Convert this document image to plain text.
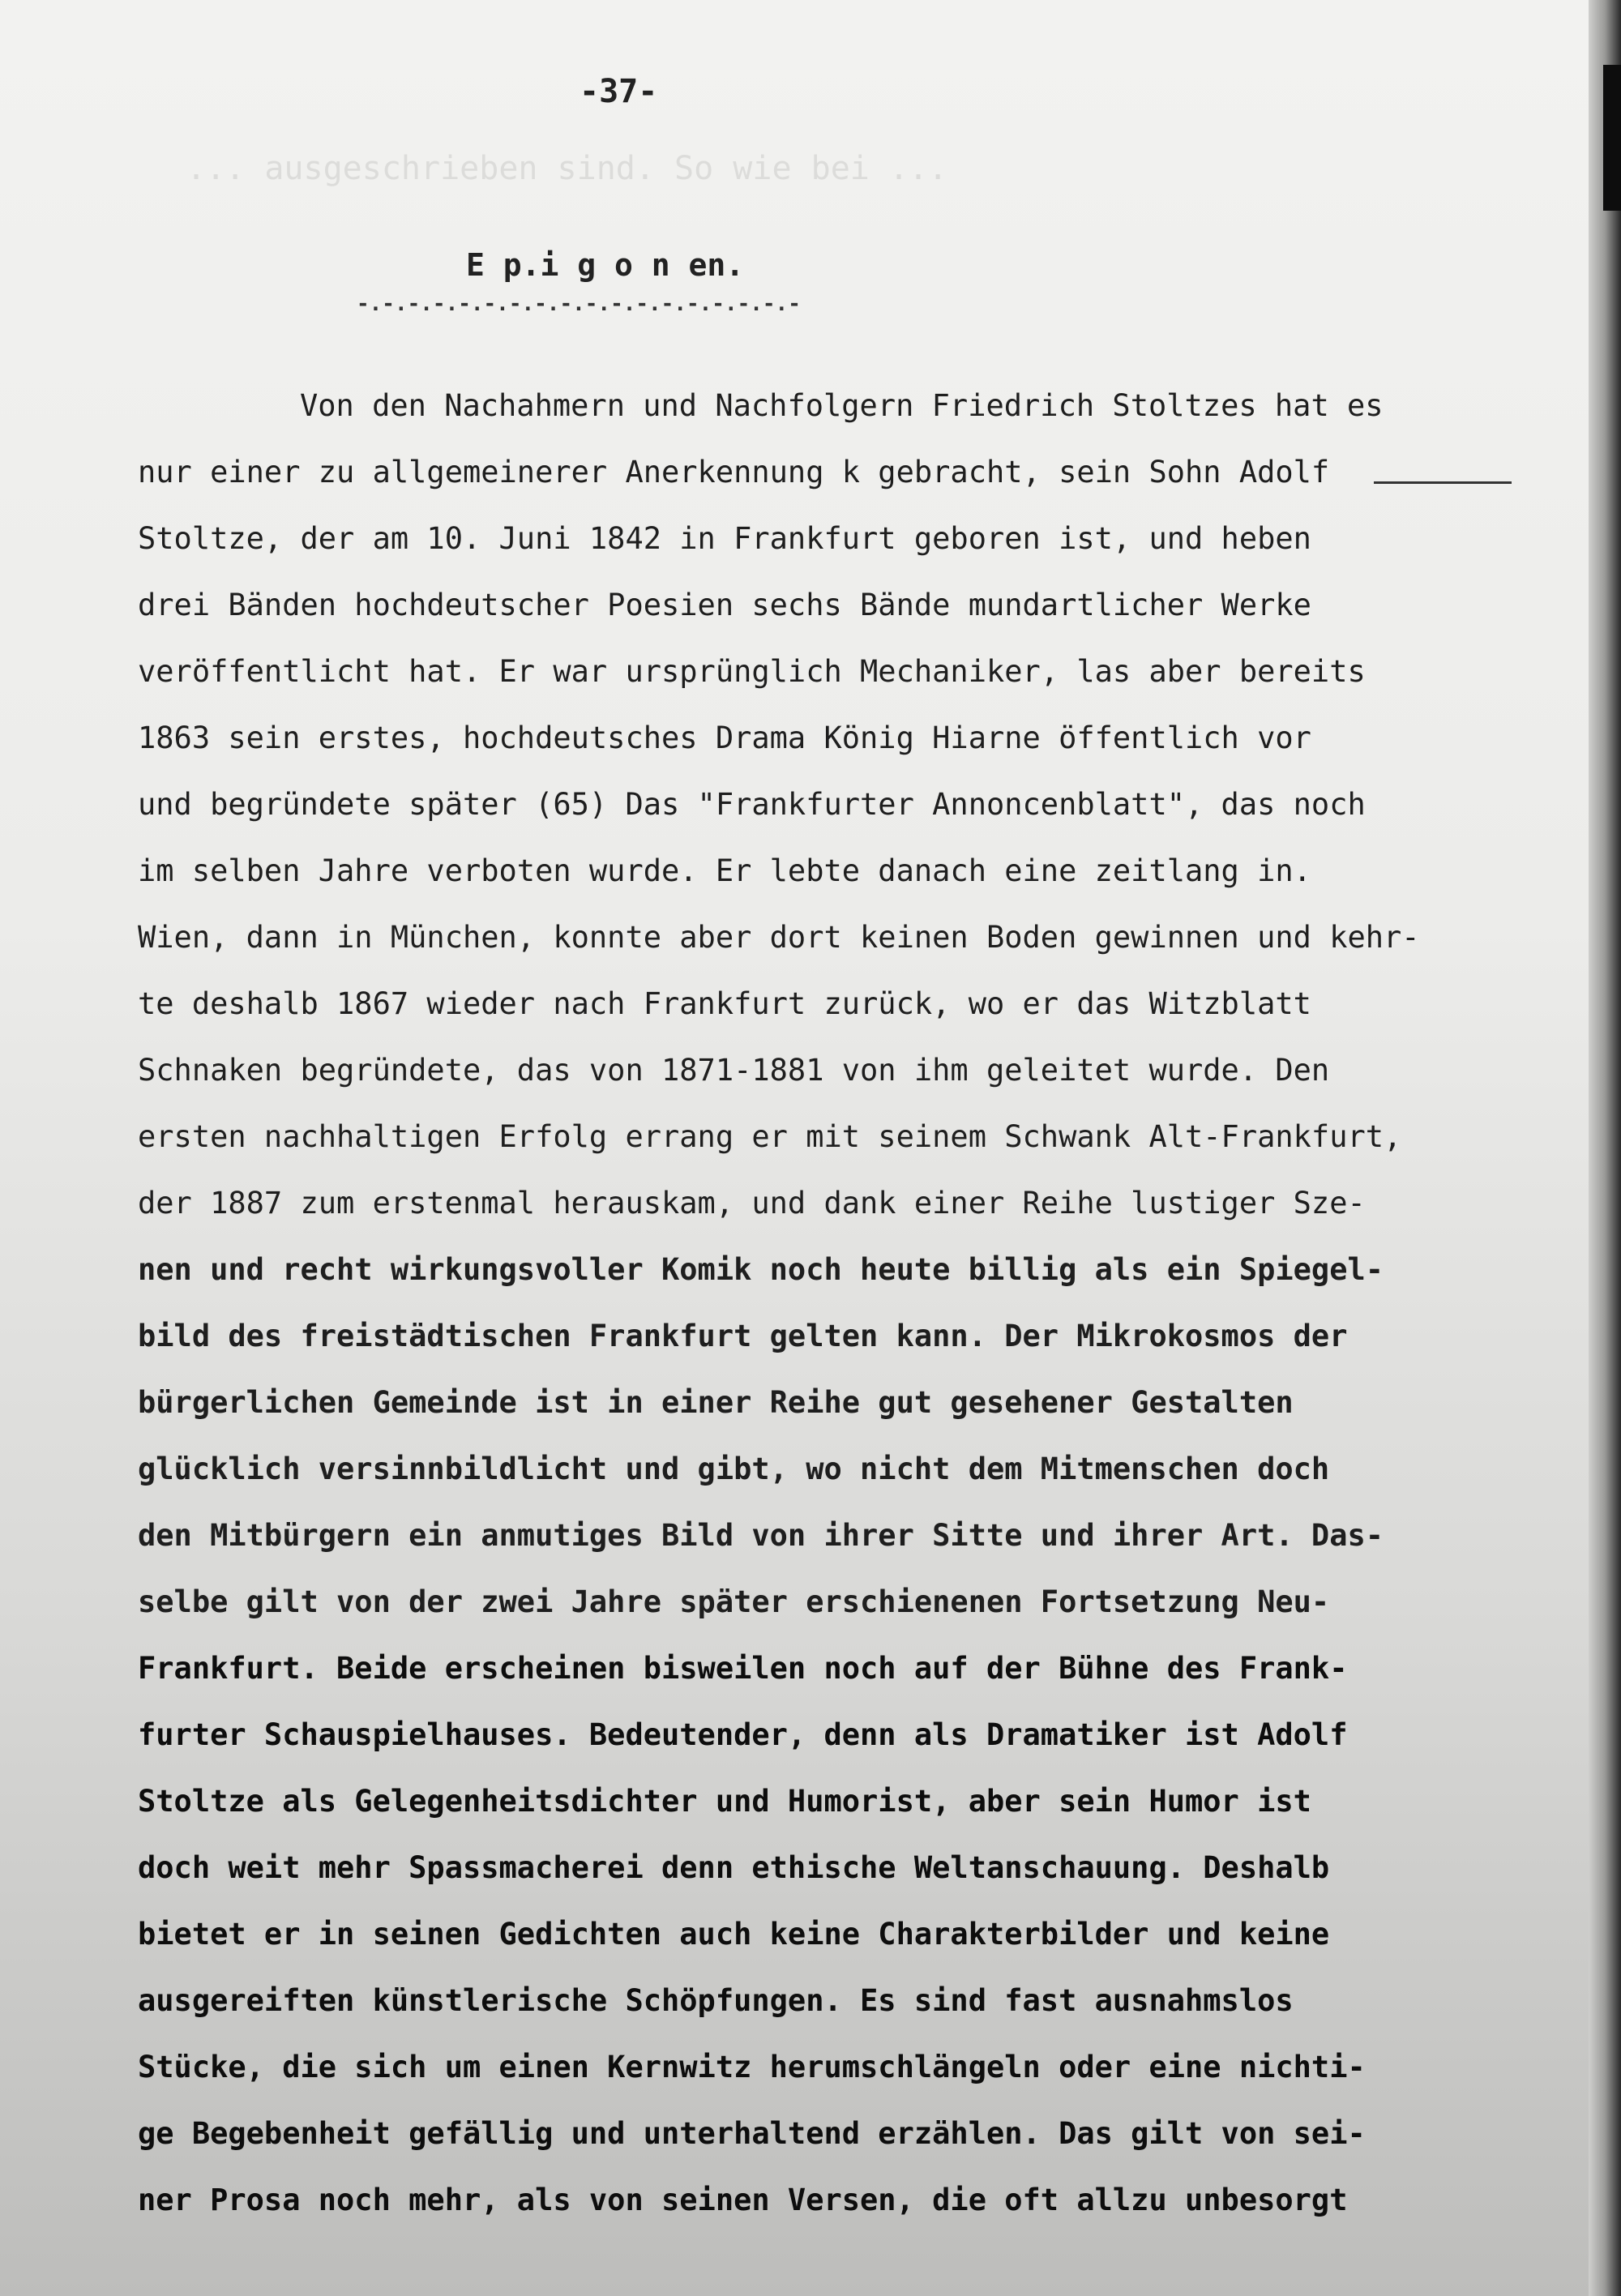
... ausgeschrieben sind. So wie bei ...
-37-
E p.i g o n en.
-.-.-.-.-.-.-.-.-.-.-.-.-.-.-.-.-.-
Von den Nachahmern und Nachfolgern Friedrich Stoltzes hat es
nur einer zu allgemeinerer Anerkennung k gebracht, sein Sohn Adolf
Stoltze, der am 10. Juni 1842 in Frankfurt geboren ist, und heben
drei Bänden hochdeutscher Poesien sechs Bände mundartlicher Werke
veröffentlicht hat. Er war ursprünglich Mechaniker, las aber bereits
1863 sein erstes, hochdeutsches Drama König Hiarne öffentlich vor
und begründete später (65) Das "Frankfurter Annoncenblatt", das noch
im selben Jahre verboten wurde. Er lebte danach eine zeitlang in.
Wien, dann in München, konnte aber dort keinen Boden gewinnen und kehr-
te deshalb 1867 wieder nach Frankfurt zurück, wo er das Witzblatt
Schnaken begründete, das von 1871-1881 von ihm geleitet wurde. Den
ersten nachhaltigen Erfolg errang er mit seinem Schwank Alt-Frankfurt,
der 1887 zum erstenmal herauskam, und dank einer Reihe lustiger Sze-
nen und recht wirkungsvoller Komik noch heute billig als ein Spiegel-
bild des freistädtischen Frankfurt gelten kann. Der Mikrokosmos der
bürgerlichen Gemeinde ist in einer Reihe gut gesehener Gestalten
glücklich versinnbildlicht und gibt, wo nicht dem Mitmenschen doch
den Mitbürgern ein anmutiges Bild von ihrer Sitte und ihrer Art. Das-
selbe gilt von der zwei Jahre später erschienenen Fortsetzung Neu-
Frankfurt. Beide erscheinen bisweilen noch auf der Bühne des Frank-
furter Schauspielhauses. Bedeutender, denn als Dramatiker ist Adolf
Stoltze als Gelegenheitsdichter und Humorist, aber sein Humor ist
doch weit mehr Spassmacherei denn ethische Weltanschauung. Deshalb
bietet er in seinen Gedichten auch keine Charakterbilder und keine
ausgereiften künstlerische Schöpfungen. Es sind fast ausnahmslos
Stücke, die sich um einen Kernwitz herumschlängeln oder eine nichti-
ge Begebenheit gefällig und unterhaltend erzählen. Das gilt von sei-
ner Prosa noch mehr, als von seinen Versen, die oft allzu unbesorgt
